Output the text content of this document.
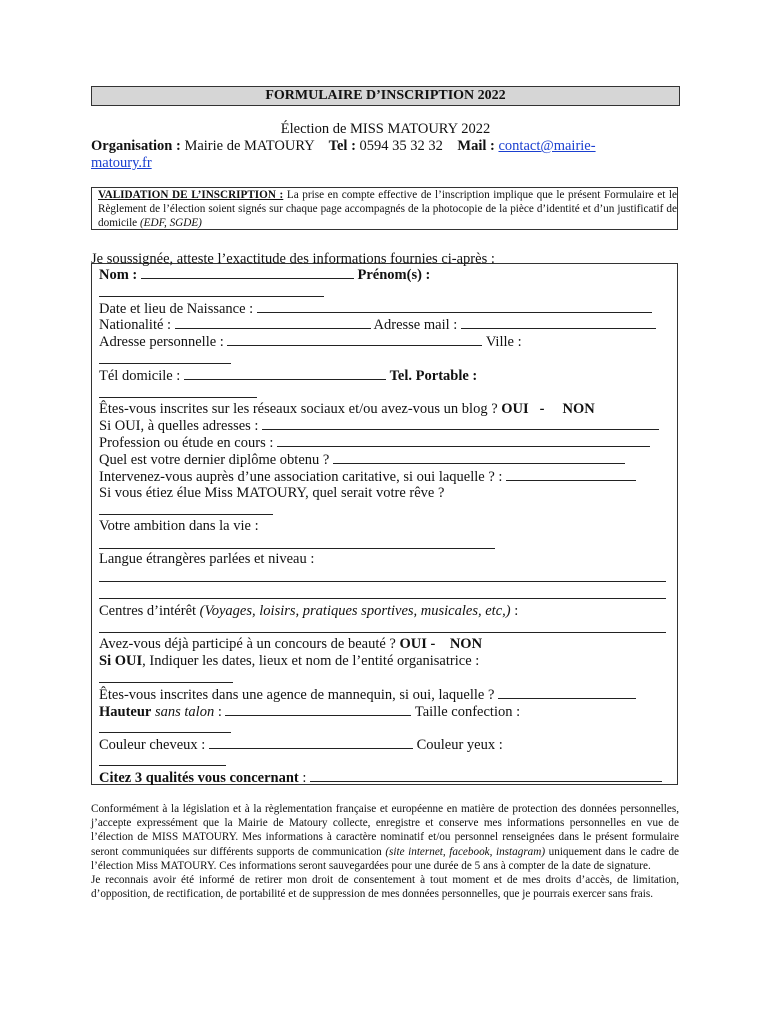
FORMULAIRE D’INSCRIPTION 2022
Élection de MISS MATOURY 2022
Organisation : Mairie de MATOURY Tel : 0594 35 32 32 Mail : contact@mairie-
matoury.fr
VALIDATION DE L’INSCRIPTION : La prise en compte effective de l’inscription implique que le présent Formulaire et le Règlement de l’élection soient signés sur chaque page accompagnés de la photocopie de la pièce d’identité et d’un justificatif de domicile (EDF, SGDE)
Je soussignée, atteste l’exactitude des informations fournies ci-après :
Nom :	Prénom(s) :
Date et lieu de Naissance :
Nationalité :	Adresse mail :
Adresse personnelle :	Ville :
Tél domicile :	Tel. Portable :
Êtes-vous inscrites sur les réseaux sociaux et/ou avez-vous un blog ? OUI - NON
Si OUI, à quelles adresses :
Profession ou étude en cours :
Quel est votre dernier diplôme obtenu ?
Intervenez-vous auprès d’une association caritative, si oui laquelle ? :
Si vous étiez élue Miss MATOURY, quel serait votre rêve ?
Votre ambition dans la vie :
Langue étrangères parlées et niveau :
Centres d’intérêt (Voyages, loisirs, pratiques sportives, musicales, etc,) :
Avez-vous déjà participé à un concours de beauté ? OUI -    NON
Si OUI, Indiquer les dates, lieux et nom de l’entité organisatrice :
Êtes-vous inscrites dans une agence de mannequin, si oui, laquelle ?
Hauteur sans talon :	Taille confection :
Couleur cheveux :	Couleur yeux :
Citez 3 qualités vous concernant :
Conformément à la législation et à la règlementation française et européenne en matière de protection des données personnelles, j’accepte expressément que la Mairie de Matoury collecte, enregistre et conserve mes informations personnelles en vue de l’élection de MISS MATOURY. Mes informations à caractère nominatif et/ou personnel renseignées dans le présent formulaire seront communiquées sur différents supports de communication (site internet, facebook, instagram) uniquement dans le cadre de l’élection Miss MATOURY. Ces informations seront sauvegardées pour une durée de 5 ans à compter de la date de signature.
Je reconnais avoir été informé de retirer mon droit de consentement à tout moment et de mes droits d’accès, de limitation, d’opposition, de rectification, de portabilité et de suppression de mes données personnelles, que je pourrais exercer sans frais.
